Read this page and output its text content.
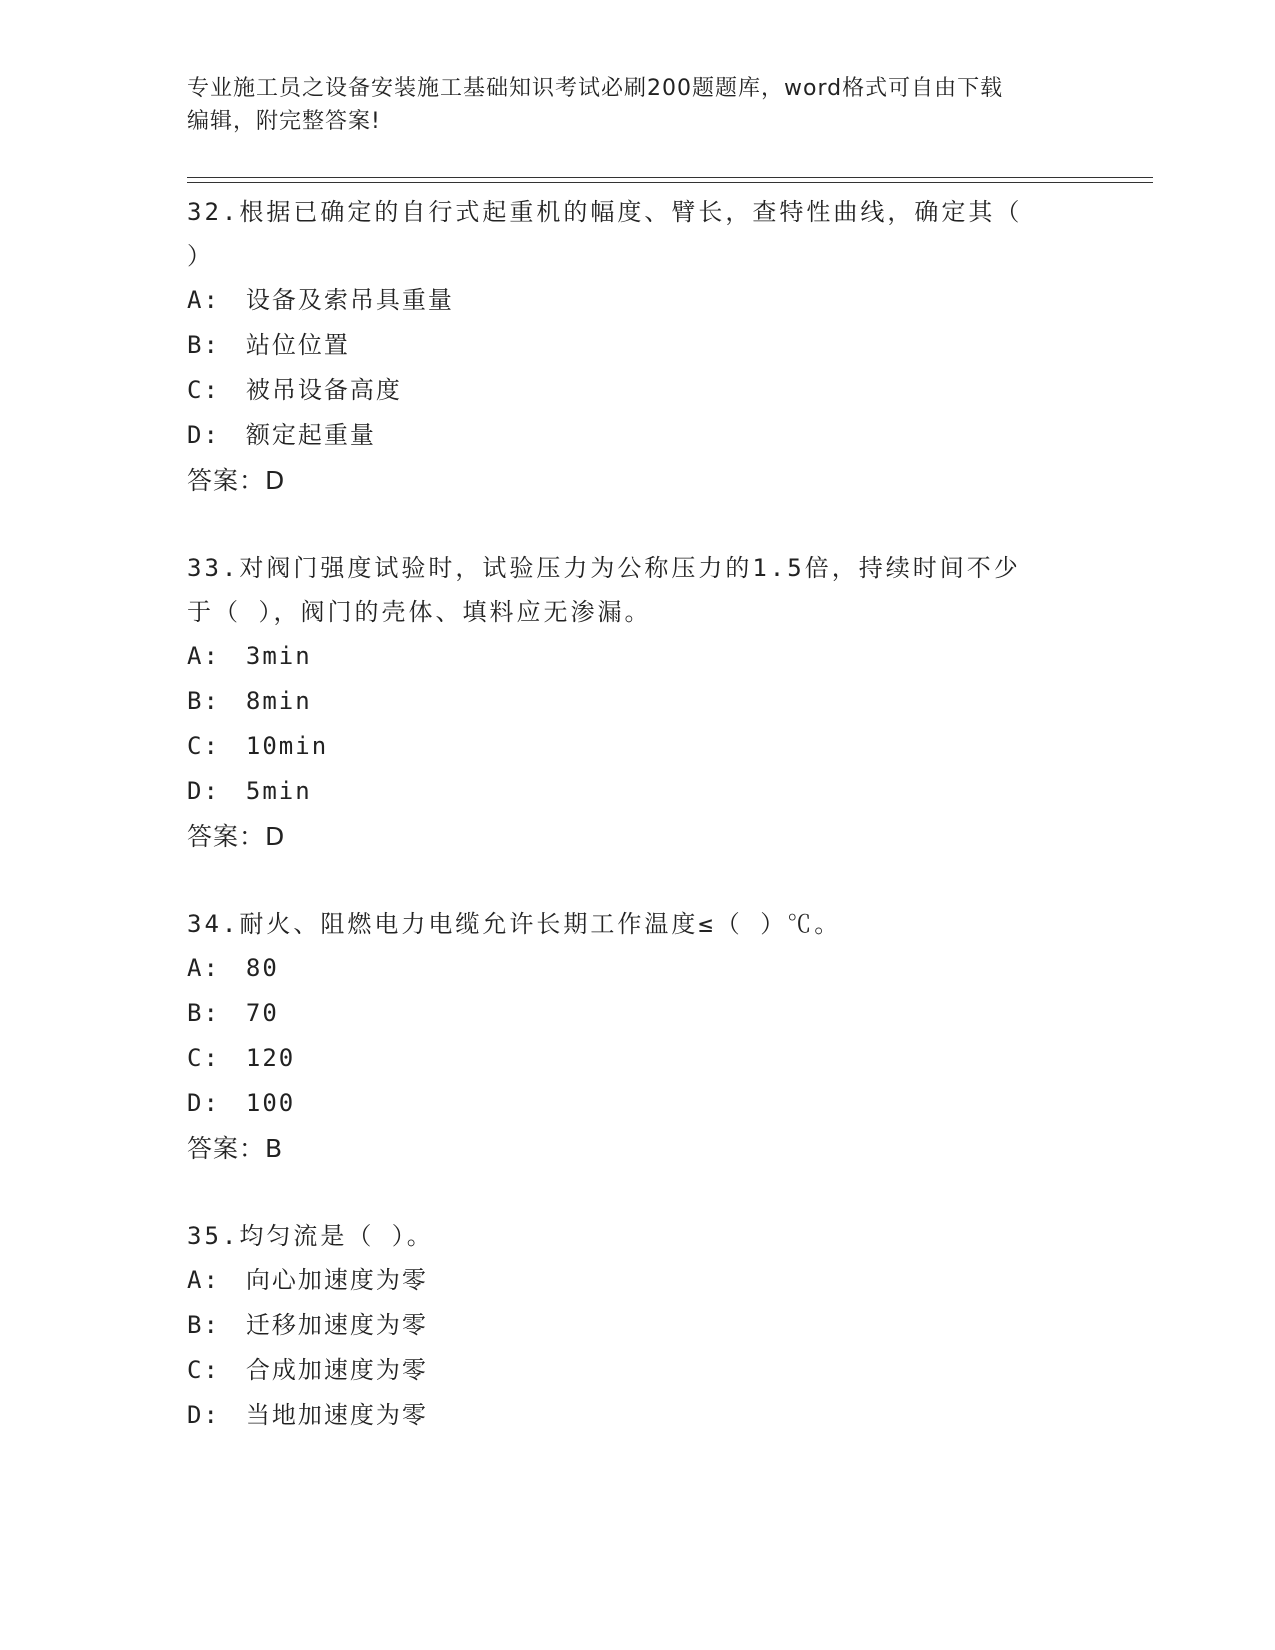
专业施工员之设备安装施工基础知识考试必刷200题题库，word格式可自由下载
编辑，附完整答案!

32.根据已确定的自行式起重机的幅度、臂长，查特性曲线，确定其（

）

A: 设备及索吊具重量

B: 站位位置

C: 被吊设备高度

D: 额定起重量

答案：D

33.对阀门强度试验时，试验压力为公称压力的1.5倍，持续时间不少

于（ ），阀门的壳体、填料应无渗漏。

A: 3min

B: 8min

C: 10min

D: 5min

答案：D

34.耐火、阻燃电力电缆允许长期工作温度≤（ ）℃。

A: 80

B: 70

C: 120

D: 100

答案：B

35.均匀流是（ ）。

A: 向心加速度为零

B: 迁移加速度为零

C: 合成加速度为零

D: 当地加速度为零
